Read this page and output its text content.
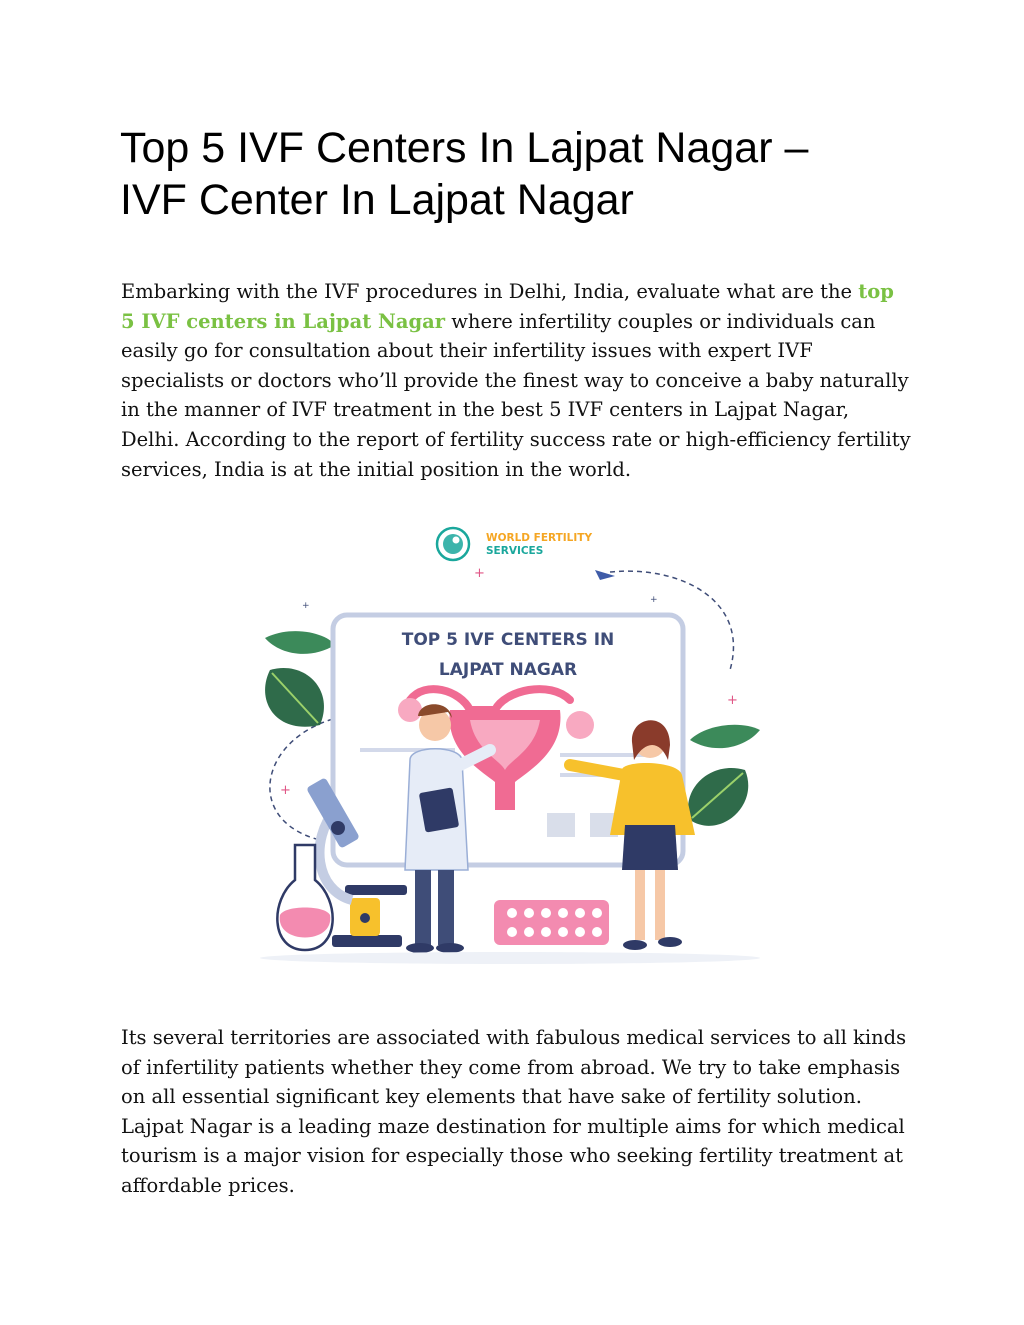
Top 5 IVF Centers In Lajpat Nagar –
IVF Center In Lajpat Nagar

Embarking with the IVF procedures in Delhi, India, evaluate what are the top 5 IVF centers in Lajpat Nagar where infertility couples or individuals can easily go for consultation about their infertility issues with expert IVF specialists or doctors who’ll provide the finest way to conceive a baby naturally in the manner of IVF treatment in the best 5 IVF centers in Lajpat Nagar, Delhi. According to the report of fertility success rate or high-efficiency fertility services, India is at the initial position in the world.

WORLD FERTILITY
SERVICES
+
+
+
+
+
TOP 5 IVF CENTERS IN
LAJPAT NAGAR

Its several territories are associated with fabulous medical services to all kinds of infertility patients whether they come from abroad. We try to take emphasis on all essential significant key elements that have sake of fertility solution. Lajpat Nagar is a leading maze destination for multiple aims for which medical tourism is a major vision for especially those who seeking fertility treatment at affordable prices.
